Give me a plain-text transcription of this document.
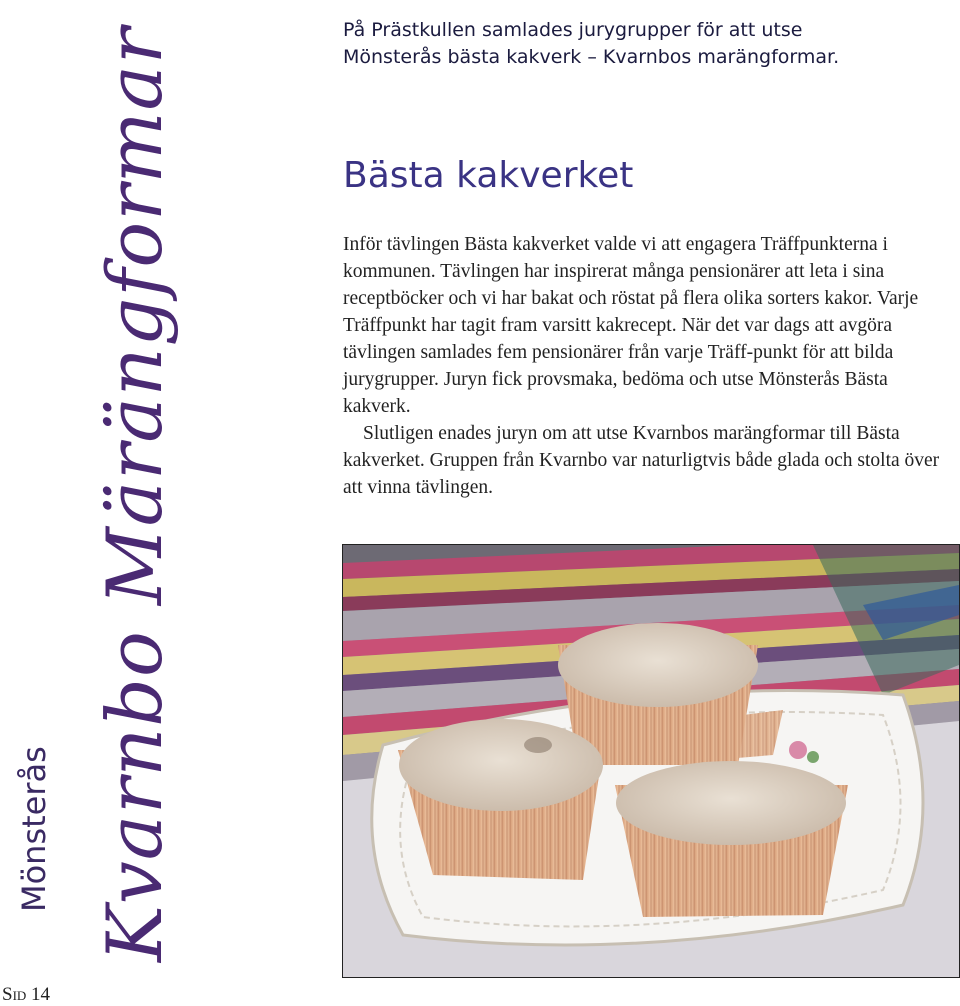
Mönsterås Kvarnbo Märängformar
Sid 14
På Prästkullen samlades jurygrupper för att utse
Mönsterås bästa kakverk – Kvarnbos marängformar.
Bästa kakverket

Inför tävlingen Bästa kakverket valde vi att engagera Träffpunkterna i kommunen. Tävlingen har inspirerat många pensionärer att leta i sina receptböcker och vi har bakat och röstat på flera olika sorters kakor. Varje Träffpunkt har tagit fram varsitt kakrecept. När det var dags att avgöra tävlingen samlades fem pensionärer från varje Träff-punkt för att bilda jurygrupper. Juryn fick provsmaka, bedöma och utse Mönsterås Bästa kakverk.

Slutligen enades juryn om att utse Kvarnbos marängformar till Bästa kakverket. Gruppen från Kvarnbo var naturligtvis både glada och stolta över att vinna tävlingen.
